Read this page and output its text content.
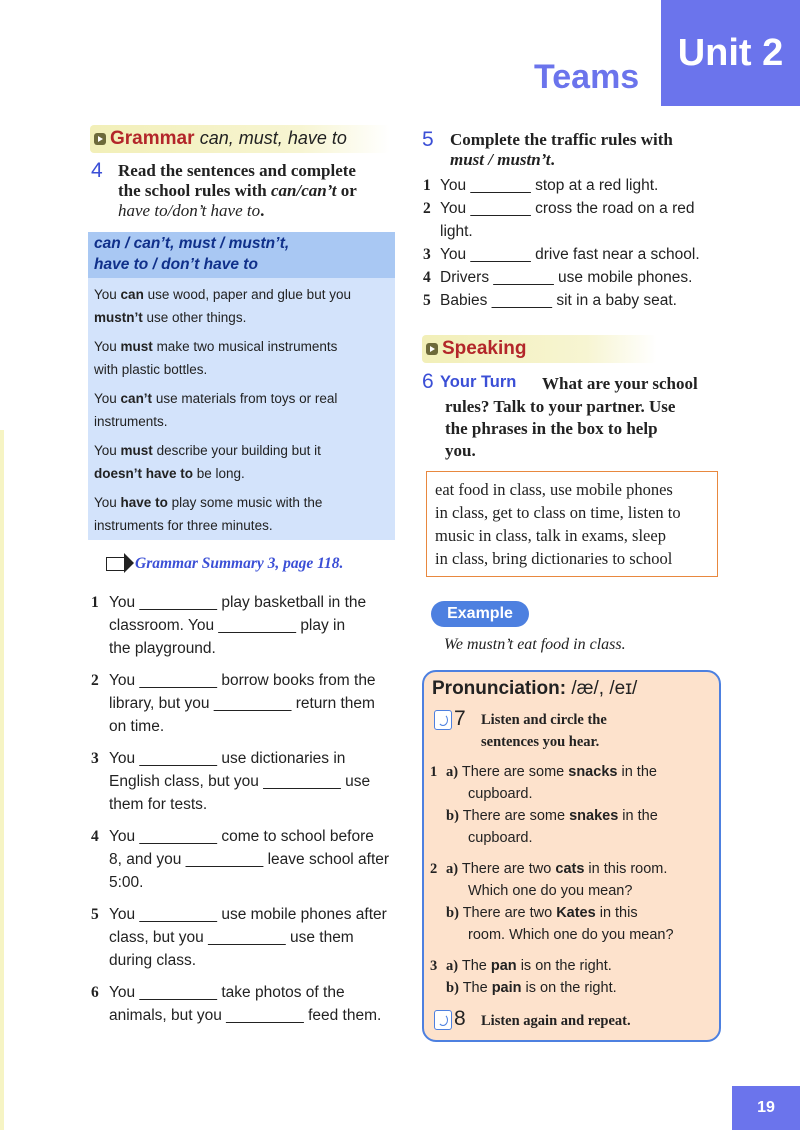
Unit 2
Teams
Grammar can, must, have to
4 Read the sentences and complete
the school rules with can/can’t or
have to/don’t have to.
can / can’t, must / mustn’t,
have to / don’t have to
You can use wood, paper and glue but you
mustn’t use other things.
You must make two musical instruments
with plastic bottles.
You can’t use materials from toys or real
instruments.
You must describe your building but it
doesn’t have to be long.
You have to play some music with the
instruments for three minutes.
Grammar Summary 3, page 118.
1 You _________ play basketball in the
classroom. You _________ play in
the playground.
2 You _________ borrow books from the
library, but you _________ return them
on time.
3 You _________ use dictionaries in
English class, but you _________ use
them for tests.
4 You _________ come to school before
8, and you _________ leave school after
5:00.
5 You _________ use mobile phones after
class, but you _________ use them
during class.
6 You _________ take photos of the
animals, but you _________ feed them.
5 Complete the traffic rules with
must / mustn’t.
1 You _______ stop at a red light.
2 You _______ cross the road on a red
light.
3 You _______ drive fast near a school.
4 Drivers _______ use mobile phones.
5 Babies _______ sit in a baby seat.
Speaking
6 Your Turn What are your school
rules? Talk to your partner. Use
the phrases in the box to help
you.
eat food in class, use mobile phones
in class, get to class on time, listen to
music in class, talk in exams, sleep
in class, bring dictionaries to school
Example
We mustn’t eat food in class.
Pronunciation: /æ/, /eɪ/
7 Listen and circle the
sentences you hear.
1 a) There are some snacks in the
cupboard.
b) There are some snakes in the
cupboard.
2 a) There are two cats in this room.
Which one do you mean?
b) There are two Kates in this
room. Which one do you mean?
3 a) The pan is on the right.
b) The pain is on the right.
8 Listen again and repeat.
19
